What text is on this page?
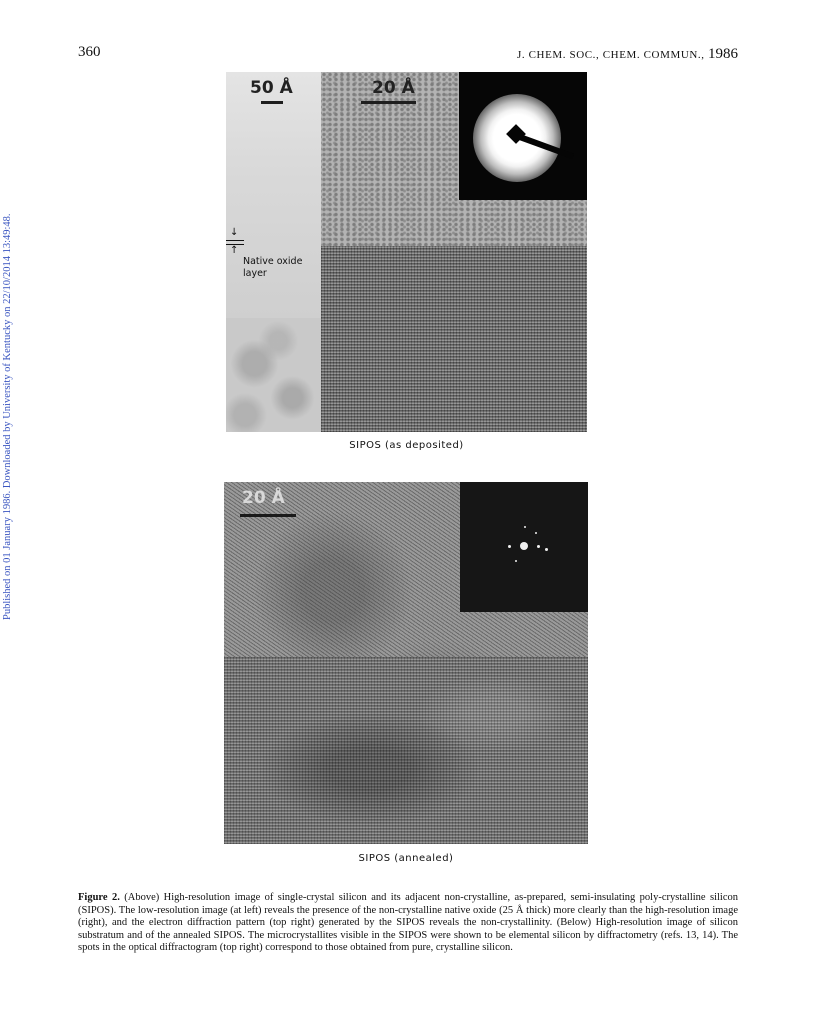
360	J. CHEM. SOC., CHEM. COMMUN., 1986
Published on 01 January 1986. Downloaded by University of Kentucky on 22/10/2014 13:49:48.
50 Å
↓
↑
Native oxide
layer
20 Å
SIPOS (as deposited)
20 Å
SIPOS (annealed)
Figure 2. (Above) High-resolution image of single-crystal silicon and its adjacent non-crystalline, as-prepared, semi-insulating poly-crystalline silicon (SIPOS). The low-resolution image (at left) reveals the presence of the non-crystalline native oxide (25 Å thick) more clearly than the high-resolution image (right), and the electron diffraction pattern (top right) generated by the SIPOS reveals the non-crystallinity. (Below) High-resolution image of silicon substratum and of the annealed SIPOS. The microcrystallites visible in the SIPOS were shown to be elemental silicon by diffractometry (refs. 13, 14). The spots in the optical diffractogram (top right) correspond to those obtained from pure, crystalline silicon.
